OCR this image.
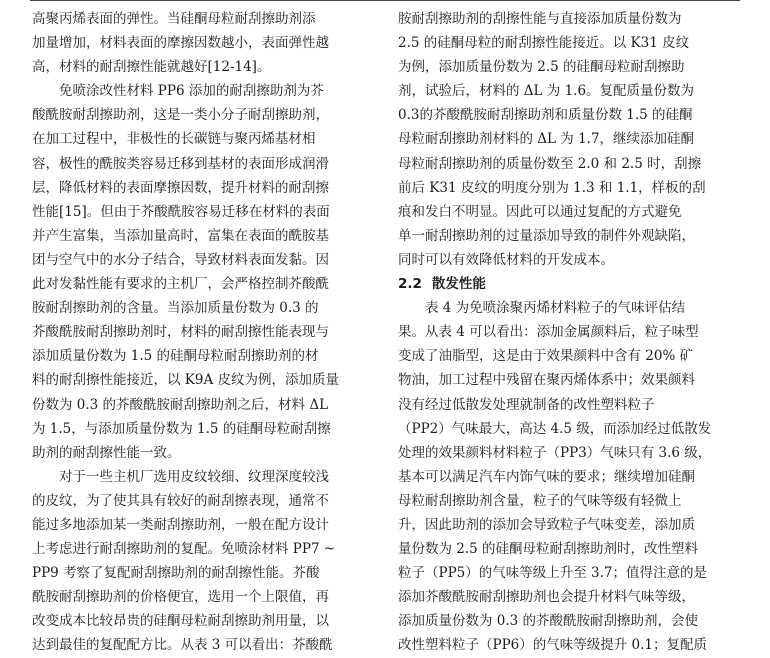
高聚丙烯表面的弹性。当硅酮母粒耐刮擦助剂添
加量增加，材料表面的摩擦因数越小，表面弹性越
高，材料的耐刮擦性能就越好[12-14]。
　　免喷涂改性材料 PP6 添加的耐刮擦助剂为芥
酸酰胺耐刮擦助剂，这是一类小分子耐刮擦助剂，
在加工过程中，非极性的长碳链与聚丙烯基材相
容，极性的酰胺类容易迁移到基材的表面形成润滑
层，降低材料的表面摩擦因数，提升材料的耐刮擦
性能[15]。但由于芥酸酰胺容易迁移在材料的表面
并产生富集，当添加量高时，富集在表面的酰胺基
团与空气中的水分子结合，导致材料表面发黏。因
此对发黏性能有要求的主机厂，会严格控制芥酸酰
胺耐刮擦助剂的含量。当添加质量份数为 0.3 的
芥酸酰胺耐刮擦助剂时，材料的耐刮擦性能表现与
添加质量份数为 1.5 的硅酮母粒耐刮擦助剂的材
料的耐刮擦性能接近，以 K9A 皮纹为例，添加质量
份数为 0.3 的芥酸酰胺耐刮擦助剂之后，材料 ΔL
为 1.5，与添加质量份数为 1.5 的硅酮母粒耐刮擦
助剂的耐刮擦性能一致。
　　对于一些主机厂选用皮纹较细、纹理深度较浅
的皮纹，为了使其具有较好的耐刮擦表现，通常不
能过多地添加某一类耐刮擦助剂，一般在配方设计
上考虑进行耐刮擦助剂的复配。免喷涂材料 PP7 ~
PP9 考察了复配耐刮擦助剂的耐刮擦性能。芥酸
酰胺耐刮擦助剂的价格便宜，选用一个上限值，再
改变成本比较昂贵的硅酮母粒耐刮擦助剂用量，以
达到最佳的复配配方比。从表 3 可以看出：芥酸酰
胺耐刮擦助剂的刮擦性能与直接添加质量份数为
2.5 的硅酮母粒的耐刮擦性能接近。以 K31 皮纹
为例，添加质量份数为 2.5 的硅酮母粒耐刮擦助
剂，试验后，材料的 ΔL 为 1.6。复配质量份数为
0.3的芥酸酰胺耐刮擦助剂和质量份数 1.5 的硅酮
母粒耐刮擦助剂材料的 ΔL 为 1.7，继续添加硅酮
母粒耐刮擦助剂的质量份数至 2.0 和 2.5 时，刮擦
前后 K31 皮纹的明度分别为 1.3 和 1.1，样板的刮
痕和发白不明显。因此可以通过复配的方式避免
单一耐刮擦助剂的过量添加导致的制件外观缺陷，
同时可以有效降低材料的开发成本。
2.2 散发性能
　　表 4 为免喷涂聚丙烯材料粒子的气味评估结
果。从表 4 可以看出：添加金属颜料后，粒子味型
变成了油脂型，这是由于效果颜料中含有 20% 矿
物油，加工过程中残留在聚丙烯体系中；效果颜料
没有经过低散发处理就制备的改性塑料粒子
（PP2）气味最大，高达 4.5 级，而添加经过低散发
处理的效果颜料材料粒子（PP3）气味只有 3.6 级，
基本可以满足汽车内饰气味的要求；继续增加硅酮
母粒耐刮擦助剂含量，粒子的气味等级有轻微上
升，因此助剂的添加会导致粒子气味变差，添加质
量份数为 2.5 的硅酮母粒耐刮擦助剂时，改性塑料
粒子（PP5）的气味等级上升至 3.7；值得注意的是
添加芥酸酰胺耐刮擦助剂也会提升材料气味等级，
添加质量份数为 0.3 的芥酸酰胺耐刮擦助剂，会使
改性塑料粒子（PP6）的气味等级提升 0.1；复配质
